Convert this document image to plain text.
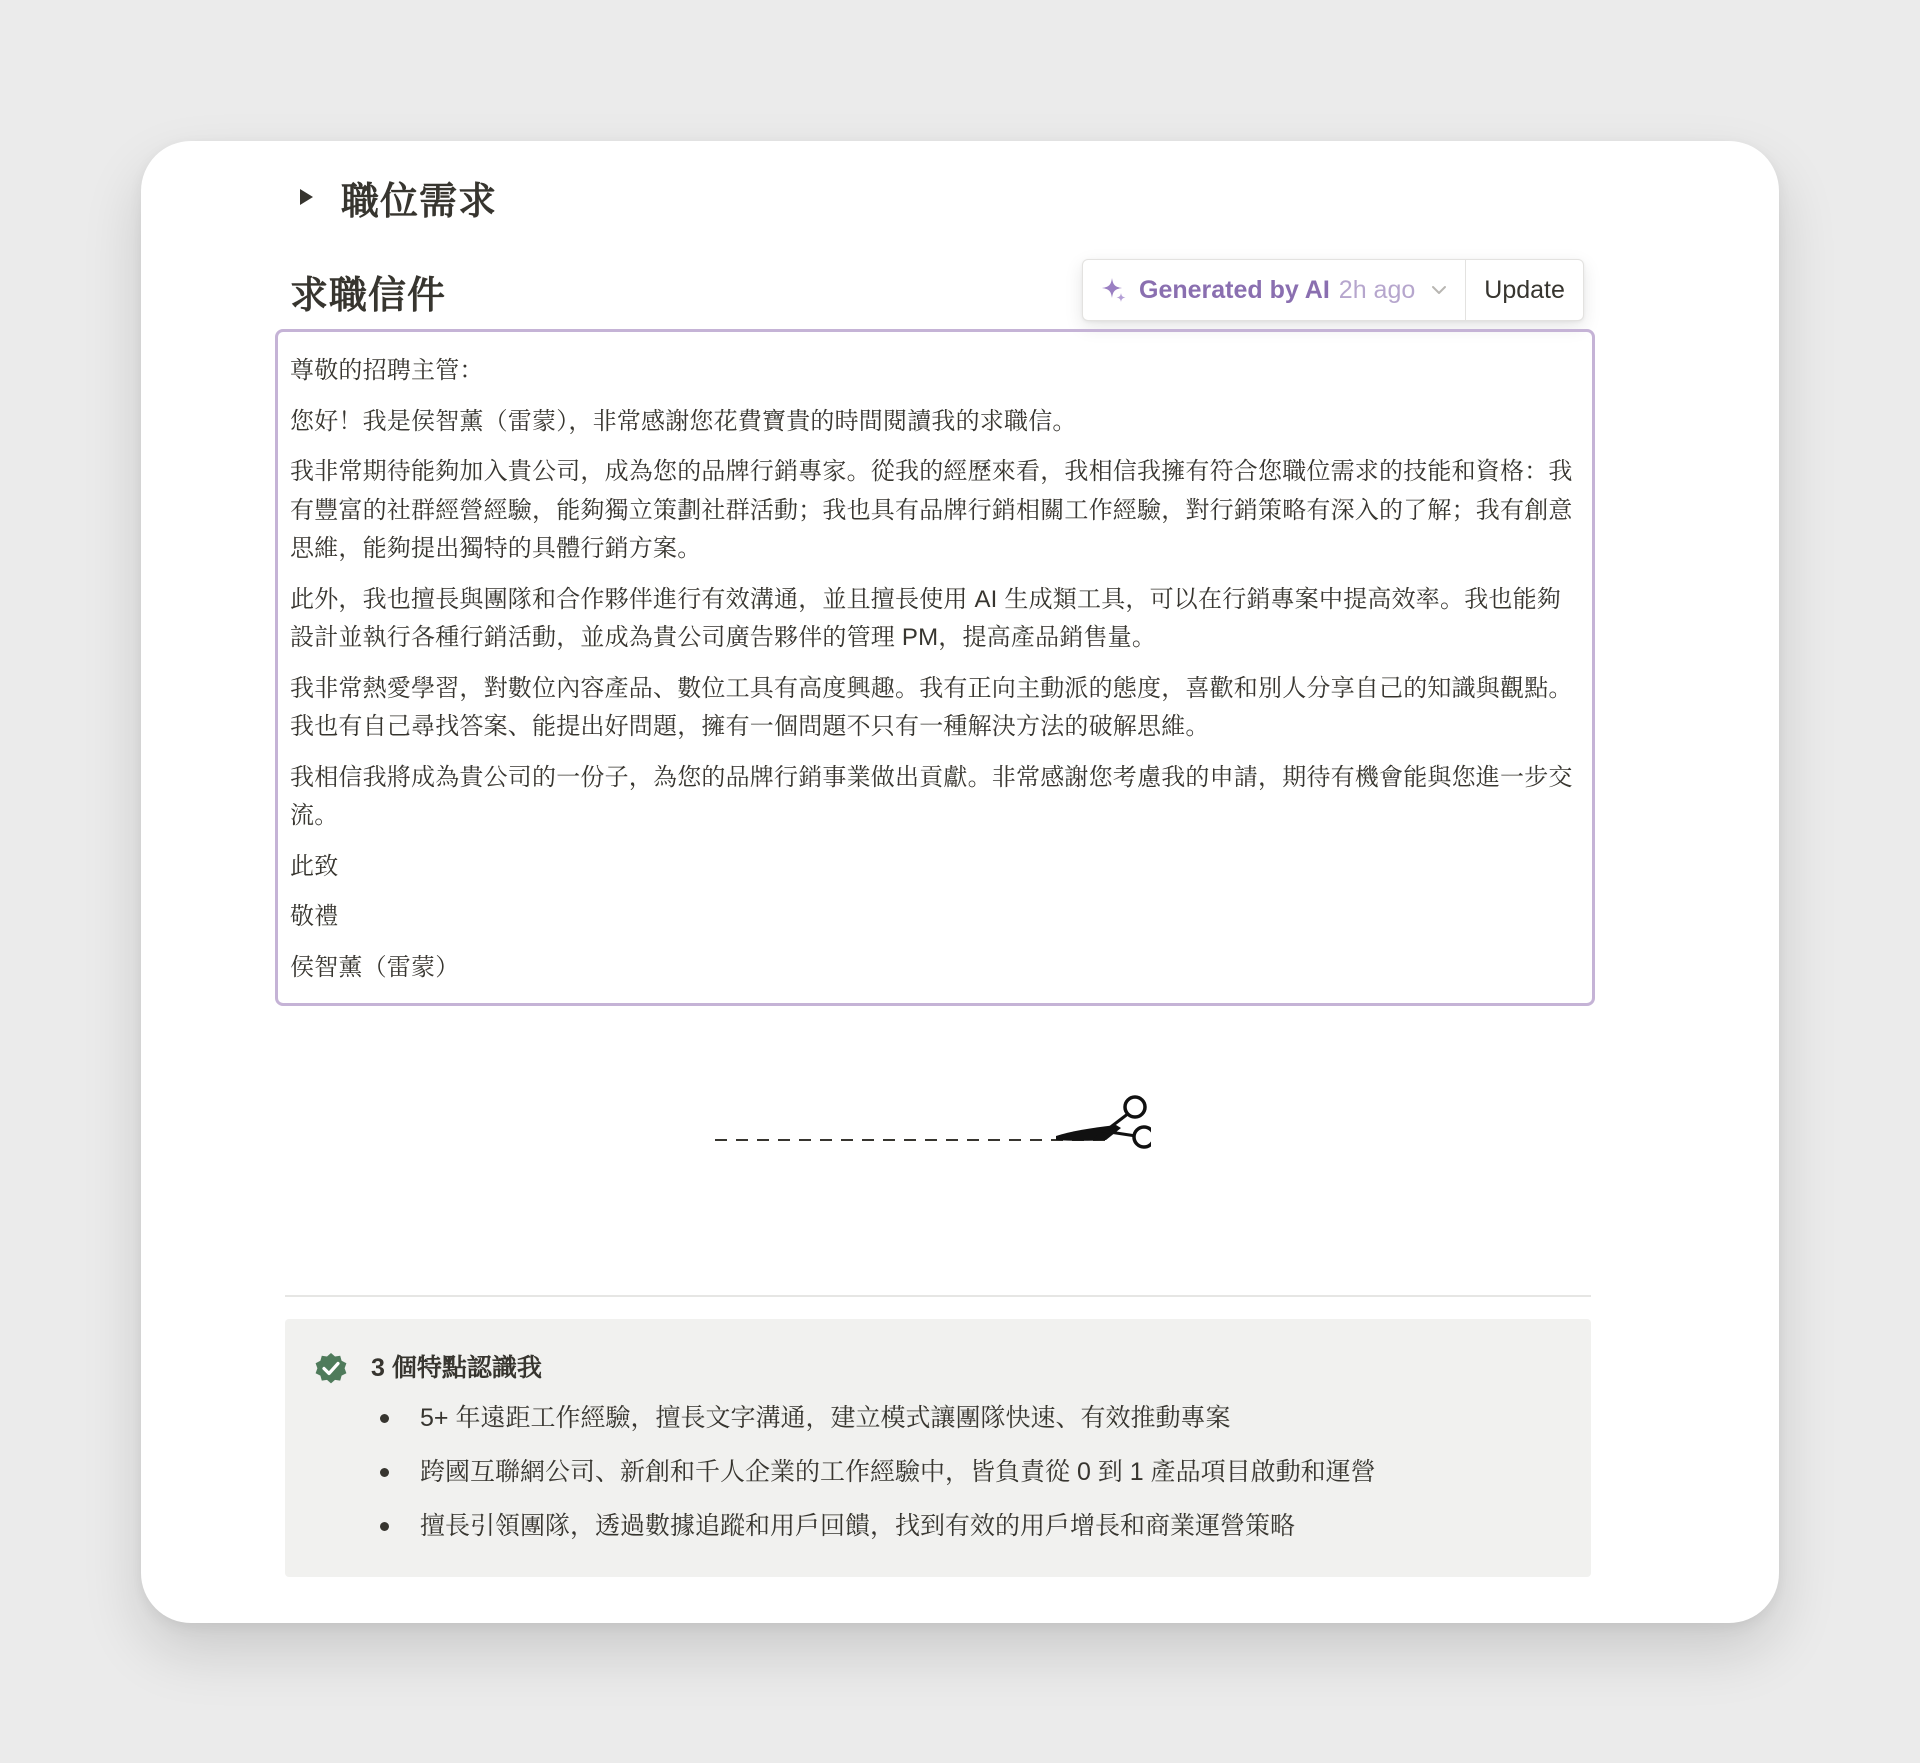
職位需求
求職信件	Generated by AI 2h ago	Update

尊敬的招聘主管：

您好！我是侯智薰（雷蒙），非常感謝您花費寶貴的時間閱讀我的求職信。

我非常期待能夠加入貴公司，成為您的品牌行銷專家。從我的經歷來看，我相信我擁有符合您職位需求的技能和資格：我有豐富的社群經營經驗，能夠獨立策劃社群活動；我也具有品牌行銷相關工作經驗，對行銷策略有深入的了解；我有創意思維，能夠提出獨特的具體行銷方案。

此外，我也擅長與團隊和合作夥伴進行有效溝通，並且擅長使用 AI 生成類工具，可以在行銷專案中提高效率。我也能夠設計並執行各種行銷活動，並成為貴公司廣告夥伴的管理 PM，提高產品銷售量。

我非常熱愛學習，對數位內容產品、數位工具有高度興趣。我有正向主動派的態度，喜歡和別人分享自己的知識與觀點。我也有自己尋找答案、能提出好問題，擁有一個問題不只有一種解決方法的破解思維。

我相信我將成為貴公司的一份子，為您的品牌行銷事業做出貢獻。非常感謝您考慮我的申請，期待有機會能與您進一步交流。

此致

敬禮

侯智薰（雷蒙）

3 個特點認識我
5+ 年遠距工作經驗，擅長文字溝通，建立模式讓團隊快速、有效推動專案
跨國互聯網公司、新創和千人企業的工作經驗中，皆負責從 0 到 1 產品項目啟動和運營
擅長引領團隊，透過數據追蹤和用戶回饋，找到有效的用戶增長和商業運營策略
